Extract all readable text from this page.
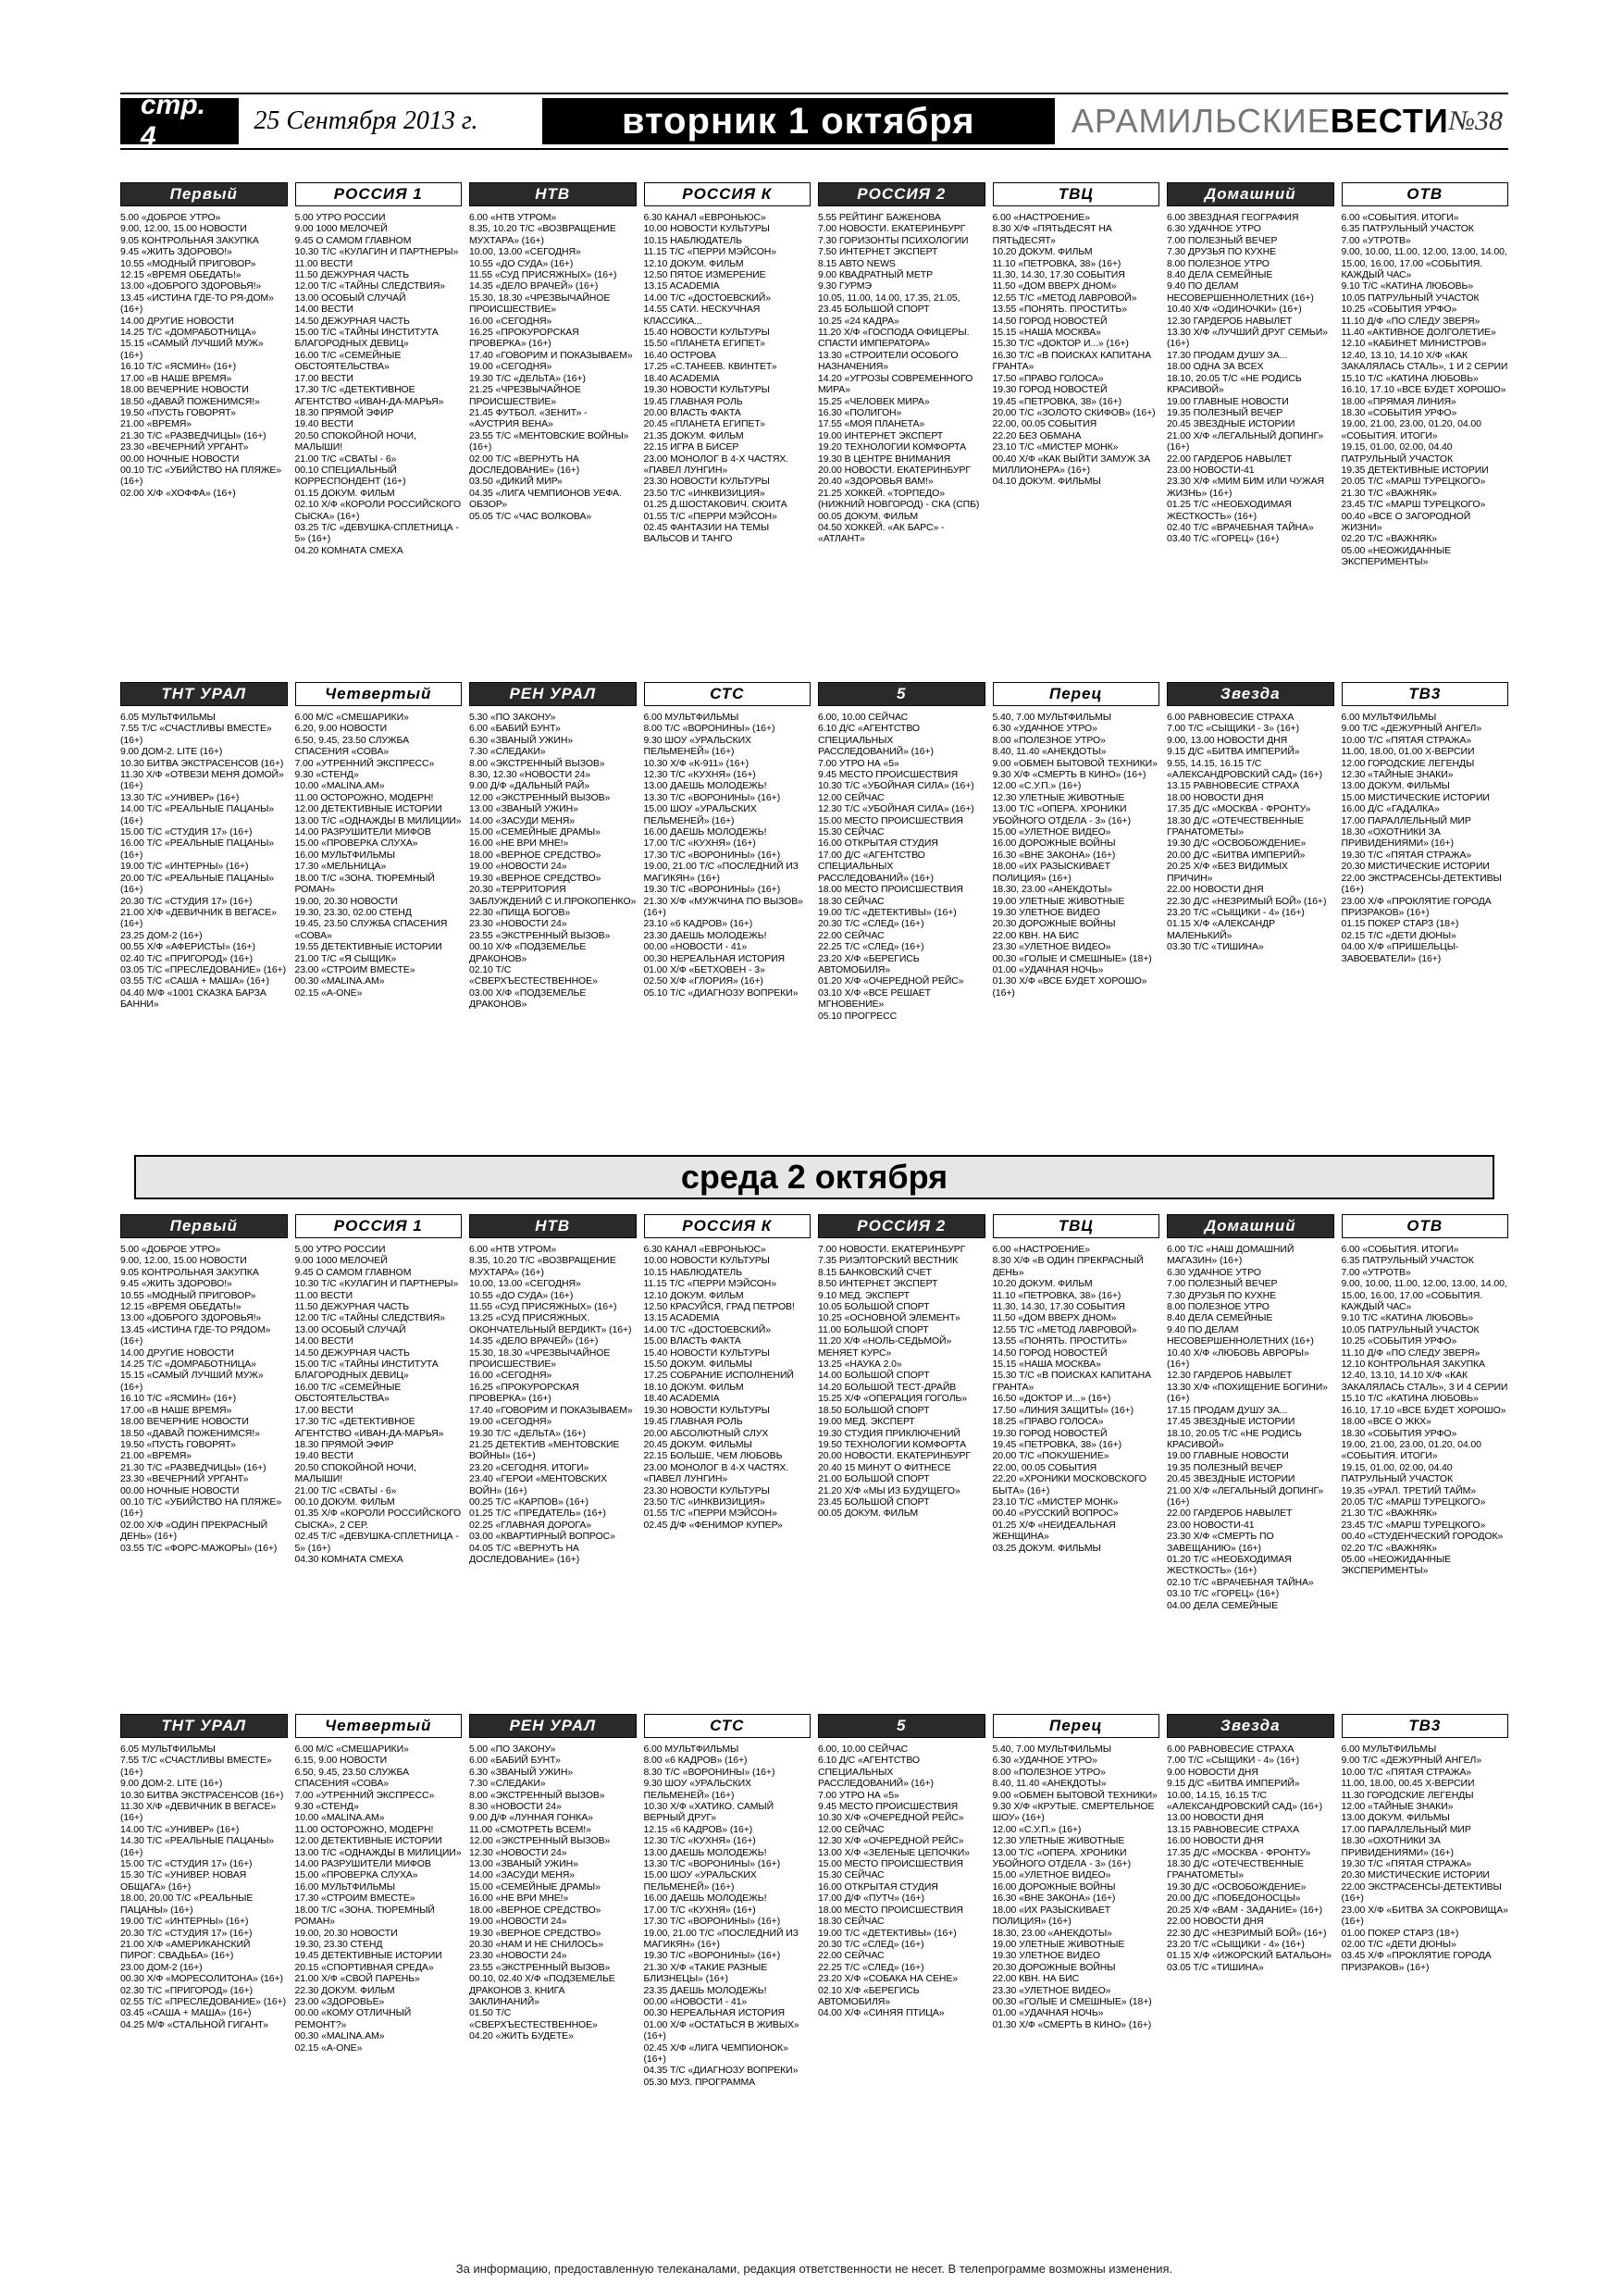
стр. 4
25 Сентября 2013 г.	вторник 1 октября	АРАМИЛЬСКИЕВЕСТИ №38
Первый
5.00 «ДОБРОЕ УТРО»
9.00, 12.00, 15.00 НОВОСТИ
9.05 КОНТРОЛЬНАЯ ЗАКУПКА
9.45 «ЖИТЬ ЗДОРОВО!»
10.55 «МОДНЫЙ ПРИГОВОР»
12.15 «ВРЕМЯ ОБЕДАТЬ!»
13.00 «ДОБРОГО ЗДОРОВЬЯ!»
13.45 «ИСТИНА ГДЕ-ТО РЯ-ДОМ» (16+)
14.00 ДРУГИЕ НОВОСТИ
14.25 Т/С «ДОМРАБОТНИЦА»
15.15 «САМЫЙ ЛУЧШИЙ МУЖ» (16+)
16.10 Т/С «ЯСМИН» (16+)
17.00 «В НАШЕ ВРЕМЯ»
18.00 ВЕЧЕРНИЕ НОВОСТИ
18.50 «ДАВАЙ ПОЖЕНИМСЯ!»
19.50 «ПУСТЬ ГОВОРЯТ»
21.00 «ВРЕМЯ»
21.30 Т/С «РАЗВЕДЧИЦЫ» (16+)
23.30 «ВЕЧЕРНИЙ УРГАНТ»
00.00 НОЧНЫЕ НОВОСТИ
00.10 Т/С «УБИЙСТВО НА ПЛЯЖЕ» (16+)
02.00 Х/Ф «ХОФФА» (16+)
РОССИЯ 1
5.00 УТРО РОССИИ
9.00 1000 МЕЛОЧЕЙ
9.45 О САМОМ ГЛАВНОМ
10.30 Т/С «КУЛАГИН И ПАРТНЕРЫ»
11.00 ВЕСТИ
11.50 ДЕЖУРНАЯ ЧАСТЬ
12.00 Т/С «ТАЙНЫ СЛЕДСТВИЯ»
13.00 ОСОБЫЙ СЛУЧАЙ
14.00 ВЕСТИ
14.50 ДЕЖУРНАЯ ЧАСТЬ
15.00 Т/С «ТАЙНЫ ИНСТИТУТА БЛАГОРОДНЫХ ДЕВИЦ»
16.00 Т/С «СЕМЕЙНЫЕ ОБСТОЯТЕЛЬСТВА»
17.00 ВЕСТИ
17.30 Т/С «ДЕТЕКТИВНОЕ АГЕНТСТВО «ИВАН-ДА-МАРЬЯ»
18.30 ПРЯМОЙ ЭФИР
19.40 ВЕСТИ
20.50 СПОКОЙНОЙ НОЧИ, МАЛЫШИ!
21.00 Т/С «СВАТЫ - 6»
00.10 СПЕЦИАЛЬНЫЙ КОРРЕСПОНДЕНТ (16+)
01.15 ДОКУМ. ФИЛЬМ
02.10 Х/Ф «КОРОЛИ РОССИЙСКОГО СЫСКА» (16+)
03.25 Т/С «ДЕВУШКА-СПЛЕТНИЦА - 5» (16+)
04.20 КОМНАТА СМЕХА
НТВ
6.00 «НТВ УТРОМ»
8.35, 10.20 Т/С «ВОЗВРАЩЕНИЕ МУХТАРА» (16+)
10.00, 13.00 «СЕГОДНЯ»
10.55 «ДО СУДА» (16+)
11.55 «СУД ПРИСЯЖНЫХ» (16+)
14.35 «ДЕЛО ВРАЧЕЙ» (16+)
15.30, 18.30 «ЧРЕЗВЫЧАЙНОЕ ПРОИСШЕСТВИЕ»
16.00 «СЕГОДНЯ»
16.25 «ПРОКУРОРСКАЯ ПРОВЕРКА» (16+)
17.40 «ГОВОРИМ И ПОКАЗЫВАЕМ»
19.00 «СЕГОДНЯ»
19.30 Т/С «ДЕЛЬТА» (16+)
21.25 «ЧРЕЗВЫЧАЙНОЕ ПРОИСШЕСТВИЕ»
21.45 ФУТБОЛ. «ЗЕНИТ» - «АУСТРИЯ ВЕНА»
23.55 Т/С «МЕНТОВСКИЕ ВОЙНЫ» (16+)
02.00 Т/С «ВЕРНУТЬ НА ДОСЛЕДОВАНИЕ» (16+)
03.50 «ДИКИЙ МИР»
04.35 «ЛИГА ЧЕМПИОНОВ УЕФА. ОБЗОР»
05.05 Т/С «ЧАС ВОЛКОВА»
РОССИЯ К
6.30 КАНАЛ «ЕВРОНЬЮС»
10.00 НОВОСТИ КУЛЬТУРЫ
10.15 НАБЛЮДАТЕЛЬ
11.15 Т/С «ПЕРРИ МЭЙСОН»
12.10 ДОКУМ. ФИЛЬМ
12.50 ПЯТОЕ ИЗМЕРЕНИЕ
13.15 ACADEMIA
14.00 Т/С «ДОСТОЕВСКИЙ»
14.55 СAТИ. НЕСКУЧНАЯ КЛАССИКА...
15.40 НОВОСТИ КУЛЬТУРЫ
15.50 «ПЛАНЕТА ЕГИПЕТ»
16.40 ОСТРОВА
17.25 «С.ТАНЕЕВ. КВИНТЕТ»
18.40 ACADEMIA
19.30 НОВОСТИ КУЛЬТУРЫ
19.45 ГЛАВНАЯ РОЛЬ
20.00 ВЛАСТЬ ФАКТА
20.45 «ПЛАНЕТА ЕГИПЕТ»
21.35 ДОКУМ. ФИЛЬМ
22.15 ИГРА В БИСЕР
23.00 МОНОЛОГ В 4-Х ЧАСТЯХ. «ПАВЕЛ ЛУНГИН»
23.30 НОВОСТИ КУЛЬТУРЫ
23.50 Т/С «ИНКВИЗИЦИЯ»
01.25 Д.ШОСТАКОВИЧ. СЮИТА
01.55 Т/С «ПЕРРИ МЭЙСОН»
02.45 ФАНТАЗИИ НА ТЕМЫ ВАЛЬСОВ И ТАНГО
РОССИЯ 2
5.55 РЕЙТИНГ БАЖЕНОВА
7.00 НОВОСТИ. ЕКАТЕРИНБУРГ
7.30 ГОРИЗОНТЫ ПСИХОЛОГИИ
7.50 ИНТЕРНЕТ ЭКСПЕРТ
8.15 АВТО NEWS
9.00 КВАДРАТНЫЙ МЕТР
9.30 ГУРМЭ
10.05, 11.00, 14.00, 17.35, 21.05, 23.45 БОЛЬШОЙ СПОРТ
10.25 «24 КАДРА»
11.20 Х/Ф «ГОСПОДА ОФИЦЕРЫ. СПАСТИ ИМПЕРАТОРА»
13.30 «СТРОИТЕЛИ ОСОБОГО НАЗНАЧЕНИЯ»
14.20 «УГРОЗЫ СОВРЕМЕННОГО МИРА»
15.25 «ЧЕЛОВЕК МИРА»
16.30 «ПОЛИГОН»
17.55 «МОЯ ПЛАНЕТА»
19.00 ИНТЕРНЕТ ЭКСПЕРТ
19.20 ТЕХНОЛОГИИ КОМФОРТА
19.30 В ЦЕНТРЕ ВНИМАНИЯ
20.00 НОВОСТИ. ЕКАТЕРИНБУРГ
20.40 «ЗДОРОВЬЯ ВАМ!»
21.25 ХОККЕЙ. «ТОРПЕДО» (НИЖНИЙ НОВГОРОД) - СКА (СПБ)
00.05 ДОКУМ. ФИЛЬМ
04.50 ХОККЕЙ. «АК БАРС» - «АТЛАНТ»
ТВЦ
6.00 «НАСТРОЕНИЕ»
8.30 Х/Ф «ПЯТЬДЕСЯТ НА ПЯТЬДЕСЯТ»
10.20 ДОКУМ. ФИЛЬМ
11.10 «ПЕТРОВКА, 38» (16+)
11.30, 14.30, 17.30 СОБЫТИЯ
11.50 «ДОМ ВВЕРХ ДНОМ»
12.55 Т/С «МЕТОД ЛАВРОВОЙ»
13.55 «ПОНЯТЬ. ПРОСТИТЬ»
14.50 ГОРОД НОВОСТЕЙ
15.15 «НАША МОСКВА»
15.30 Т/С «ДОКТОР И...» (16+)
16.30 Т/С «В ПОИСКАХ КАПИТАНА ГРАНТА»
17.50 «ПРАВО ГОЛОСА»
19.30 ГОРОД НОВОСТЕЙ
19.45 «ПЕТРОВКА, 38» (16+)
20.00 Т/С «ЗОЛОТО СКИФОВ» (16+)
22.00, 00.05 СОБЫТИЯ
22.20 БЕЗ ОБМАНА
23.10 Т/С «МИСТЕР МОНК»
00.40 Х/Ф «КАК ВЫЙТИ ЗАМУЖ ЗА МИЛЛИОНЕРА» (16+)
04.10 ДОКУМ. ФИЛЬМЫ
Домашний
6.00 ЗВЕЗДНАЯ ГЕОГРАФИЯ
6.30 УДАЧНОЕ УТРО
7.00 ПОЛЕЗНЫЙ ВЕЧЕР
7.30 ДРУЗЬЯ ПО КУХНЕ
8.00 ПОЛЕЗНОЕ УТРО
8.40 ДЕЛА СЕМЕЙНЫЕ
9.40 ПО ДЕЛАМ НЕСОВЕРШЕННОЛЕТНИХ (16+)
10.40 Х/Ф «ОДИНОЧКИ» (16+)
12.30 ГАРДЕРОБ НАВЫЛЕТ
13.30 Х/Ф «ЛУЧШИЙ ДРУГ СЕМЬИ» (16+)
17.30 ПРОДАМ ДУШУ ЗА...
18.00 ОДНА ЗА ВСЕХ
18.10, 20.05 Т/С «НЕ РОДИСЬ КРАСИВОЙ»
19.00 ГЛАВНЫЕ НОВОСТИ
19.35 ПОЛЕЗНЫЙ ВЕЧЕР
20.45 ЗВЕЗДНЫЕ ИСТОРИИ
21.00 Х/Ф «ЛЕГАЛЬНЫЙ ДОПИНГ» (16+)
22.00 ГАРДЕРОБ НАВЫЛЕТ
23.00 НОВОСТИ-41
23.30 Х/Ф «МИМ БИМ ИЛИ ЧУЖАЯ ЖИЗНЬ» (16+)
01.25 Т/С «НЕОБХОДИМАЯ ЖЕСТКОСТЬ» (16+)
02.40 Т/С «ВРАЧЕБНАЯ ТАЙНА»
03.40 Т/С «ГОРЕЦ» (16+)
ОТВ
6.00 «СОБЫТИЯ. ИТОГИ»
6.35 ПАТРУЛЬНЫЙ УЧАСТОК
7.00 «УТРОТВ»
9.00, 10.00, 11.00, 12.00, 13.00, 14.00, 15.00, 16.00, 17.00 «СОБЫТИЯ. КАЖДЫЙ ЧАС»
9.10 Т/С «КАТИНА ЛЮБОВЬ»
10.05 ПАТРУЛЬНЫЙ УЧАСТОК
10.25 «СОБЫТИЯ УРФО»
11.10 Д/Ф «ПО СЛЕДУ ЗВЕРЯ»
11.40 «АКТИВНОЕ ДОЛГОЛЕТИЕ»
12.10 «КАБИНЕТ МИНИСТРОВ»
12.40, 13.10, 14.10 Х/Ф «КАК ЗАКАЛЯЛАСЬ СТАЛЬ», 1 И 2 СЕРИИ
15.10 Т/С «КАТИНА ЛЮБОВЬ»
16.10, 17.10 «ВСЕ БУДЕТ ХОРОШО»
18.00 «ПРЯМАЯ ЛИНИЯ»
18.30 «СОБЫТИЯ УРФО»
19.00, 21.00, 23.00, 01.20, 04.00 «СОБЫТИЯ. ИТОГИ»
19.15, 01.00, 02.00, 04.40 ПАТРУЛЬНЫЙ УЧАСТОК
19.35 ДЕТЕКТИВНЫЕ ИСТОРИИ
20.05 Т/С «МАРШ ТУРЕЦКОГО»
21.30 Т/С «ВАЖНЯК»
23.45 Т/С «МАРШ ТУРЕЦКОГО»
00.40 «ВСЕ О ЗАГОРОДНОЙ ЖИЗНИ»
02.20 Т/С «ВАЖНЯК»
05.00 «НЕОЖИДАННЫЕ ЭКСПЕРИМЕНТЫ»
ТНТ УРАЛ
6.05 МУЛЬТФИЛЬМЫ
7.55 Т/С «СЧАСТЛИВЫ ВМЕСТЕ» (16+)
9.00 ДОМ-2. LITE (16+)
10.30 БИТВА ЭКСТРАСЕНСОВ (16+)
11.30 Х/Ф «ОТВЕЗИ МЕНЯ ДОМОЙ» (16+)
13.30 Т/С «УНИВЕР» (16+)
14.00 Т/С «РЕАЛЬНЫЕ ПАЦАНЫ» (16+)
15.00 Т/С «СТУДИЯ 17» (16+)
16.00 Т/С «РЕАЛЬНЫЕ ПАЦАНЫ» (16+)
19.00 Т/С «ИНТЕРНЫ» (16+)
20.00 Т/С «РЕАЛЬНЫЕ ПАЦАНЫ» (16+)
20.30 Т/С «СТУДИЯ 17» (16+)
21.00 Х/Ф «ДЕВИЧНИК В ВЕГАСЕ» (16+)
23.25 ДОМ-2 (16+)
00.55 Х/Ф «АФЕРИСТЫ» (16+)
02.40 Т/С «ПРИГОРОД» (16+)
03.05 Т/С «ПРЕСЛЕДОВАНИЕ» (16+)
03.55 Т/С «САША + МАША» (16+)
04.40 М/Ф «1001 СКАЗКА БАРЗА БАННИ»
Четвертый
6.00 М/С «СМЕШАРИКИ»
6.20, 9.00 НОВОСТИ
6.50, 9.45, 23.50 СЛУЖБА СПАСЕНИЯ «СОВА»
7.00 «УТРЕННИЙ ЭКСПРЕСС»
9.30 «СТЕНД»
10.00 «MALINA.AM»
11.00 ОСТОРОЖНО, МОДЕРН!
12.00 ДЕТЕКТИВНЫЕ ИСТОРИИ
13.00 Т/С «ОДНАЖДЫ В МИЛИЦИИ»
14.00 РАЗРУШИТЕЛИ МИФОВ
15.00 «ПРОВЕРКА СЛУХА»
16.00 МУЛЬТФИЛЬМЫ
17.30 «МЕЛЬНИЦА»
18.00 Т/С «ЗОНА. ТЮРЕМНЫЙ РОМАН»
19.00, 20.30 НОВОСТИ
19.30, 23.30, 02.00 СТЕНД
19.45, 23.50 СЛУЖБА СПАСЕНИЯ «СОВА»
19.55 ДЕТЕКТИВНЫЕ ИСТОРИИ
21.00 Т/С «Я СЫЩИК»
23.00 «СТРОИМ ВМЕСТЕ»
00.30 «MALINA.AM»
02.15 «А-ONE»
РЕН УРАЛ
5.30 «ПО ЗАКОНУ»
6.00 «БАБИЙ БУНТ»
6.30 «ЗВАНЫЙ УЖИН»
7.30 «СЛЕДАКИ»
8.00 «ЭКСТРЕННЫЙ ВЫЗОВ»
8.30, 12.30 «НОВОСТИ 24»
9.00 Д/Ф «ДАЛЬНЫЙ РАЙ»
12.00 «ЭКСТРЕННЫЙ ВЫЗОВ»
13.00 «ЗВАНЫЙ УЖИН»
14.00 «ЗАСУДИ МЕНЯ»
15.00 «СЕМЕЙНЫЕ ДРАМЫ»
16.00 «НЕ ВРИ МНЕ!»
18.00 «ВЕРНОЕ СРЕДСТВО»
19.00 «НОВОСТИ 24»
19.30 «ВЕРНОЕ СРЕДСТВО»
20.30 «ТЕРРИТОРИЯ ЗАБЛУЖДЕНИЙ С И.ПРОКОПЕНКО»
22.30 «ПИЩА БОГОВ»
23.30 «НОВОСТИ 24»
23.55 «ЭКСТРЕННЫЙ ВЫЗОВ»
00.10 Х/Ф «ПОДЗЕМЕЛЬЕ ДРАКОНОВ»
02.10 Т/С «СВЕРХЪЕСТЕСТВЕННОЕ»
03.00 Х/Ф «ПОДЗЕМЕЛЬЕ ДРАКОНОВ»
СТС
6.00 МУЛЬТФИЛЬМЫ
8.00 Т/С «ВОРОНИНЫ» (16+)
9.30 ШОУ «УРАЛЬСКИХ ПЕЛЬМЕНЕЙ» (16+)
10.30 Х/Ф «К-911» (16+)
12.30 Т/С «КУХНЯ» (16+)
13.00 ДАЕШЬ МОЛОДЕЖЬ!
13.30 Т/С «ВОРОНИНЫ» (16+)
15.00 ШОУ «УРАЛЬСКИХ ПЕЛЬМЕНЕЙ» (16+)
16.00 ДАЕШЬ МОЛОДЕЖЬ!
17.00 Т/С «КУХНЯ» (16+)
17.30 Т/С «ВОРОНИНЫ» (16+)
19.00, 21.00 Т/С «ПОСЛЕДНИЙ ИЗ МАГИКЯН» (16+)
19.30 Т/С «ВОРОНИНЫ» (16+)
21.30 Х/Ф «МУЖЧИНА ПО ВЫЗОВ» (16+)
23.10 «6 КАДРОВ» (16+)
23.30 ДАЕШЬ МОЛОДЕЖЬ!
00.00 «НОВОСТИ - 41»
00.30 НЕРЕАЛЬНАЯ ИСТОРИЯ
01.00 Х/Ф «БЕТХОВЕН - 3»
02.50 Х/Ф «ГЛОРИЯ» (16+)
05.10 Т/С «ДИАГНОЗУ ВОПРЕКИ»
5
6.00, 10.00 СЕЙЧАС
6.10 Д/С «АГЕНТСТВО СПЕЦИАЛЬНЫХ РАССЛЕДОВАНИЙ» (16+)
7.00 УТРО НА «5»
9.45 МЕСТО ПРОИСШЕСТВИЯ
10.30 Т/С «УБОЙНАЯ СИЛА» (16+)
12.00 СЕЙЧАС
12.30 Т/С «УБОЙНАЯ СИЛА» (16+)
15.00 МЕСТО ПРОИСШЕСТВИЯ
15.30 СЕЙЧАС
16.00 ОТКРЫТАЯ СТУДИЯ
17.00 Д/С «АГЕНТСТВО СПЕЦИАЛЬНЫХ РАССЛЕДОВАНИЙ» (16+)
18.00 МЕСТО ПРОИСШЕСТВИЯ
18.30 СЕЙЧАС
19.00 Т/С «ДЕТЕКТИВЫ» (16+)
20.30 Т/С «СЛЕД» (16+)
22.00 СЕЙЧАС
22.25 Т/С «СЛЕД» (16+)
23.20 Х/Ф «БЕРЕГИСЬ АВТОМОБИЛЯ»
01.20 Х/Ф «ОЧЕРЕДНОЙ РЕЙС»
03.10 Х/Ф «ВСЕ РЕШАЕТ МГНОВЕНИЕ»
05.10 ПРОГРЕСС
Перец
5.40, 7.00 МУЛЬТФИЛЬМЫ
6.30 «УДАЧНОЕ УТРО»
8.00 «ПОЛЕЗНОЕ УТРО»
8.40, 11.40 «АНЕКДОТЫ»
9.00 «ОБМЕН БЫТОВОЙ ТЕХНИКИ»
9.30 Х/Ф «СМЕРТЬ В КИНО» (16+)
12.00 «С.У.П.» (16+)
12.30 УЛЕТНЫЕ ЖИВОТНЫЕ
13.00 Т/С «ОПЕРА. ХРОНИКИ УБОЙНОГО ОТДЕЛА - 3» (16+)
15.00 «УЛЕТНОЕ ВИДЕО»
16.00 ДОРОЖНЫЕ ВОЙНЫ
16.30 «ВНЕ ЗАКОНА» (16+)
18.00 «ИХ РАЗЫСКИВАЕТ ПОЛИЦИЯ» (16+)
18.30, 23.00 «АНЕКДОТЫ»
19.00 УЛЕТНЫЕ ЖИВОТНЫЕ
19.30 УЛЕТНОЕ ВИДЕО
20.30 ДОРОЖНЫЕ ВОЙНЫ
22.00 КВН. НА БИС
23.30 «УЛЕТНОЕ ВИДЕО»
00.30 «ГОЛЫЕ И СМЕШНЫЕ» (18+)
01.00 «УДАЧНАЯ НОЧЬ»
01.30 Х/Ф «ВСЕ БУДЕТ ХОРОШО» (16+)
Звезда
6.00 РАВНОВЕСИЕ СТРАХА
7.00 Т/С «СЫЩИКИ - 3» (16+)
9.00, 13.00 НОВОСТИ ДНЯ
9.15 Д/С «БИТВА ИМПЕРИЙ»
9.55, 14.15, 16.15 Т/С «АЛЕКСАНДРОВСКИЙ САД» (16+)
13.15 РАВНОВЕСИЕ СТРАХА
18.00 НОВОСТИ ДНЯ
17.35 Д/С «МОСКВА - ФРОНТУ»
18.30 Д/С «ОТЕЧЕСТВЕННЫЕ ГРАНАТОМЕТЫ»
19.30 Д/С «ОСВОБОЖДЕНИЕ»
20.00 Д/С «БИТВА ИМПЕРИЙ»
20.25 Х/Ф «БЕЗ ВИДИМЫХ ПРИЧИН»
22.00 НОВОСТИ ДНЯ
22.30 Д/С «НЕЗРИМЫЙ БОЙ» (16+)
23.20 Т/С «СЫЩИКИ - 4» (16+)
01.15 Х/Ф «АЛЕКСАНДР МАЛЕНЬКИЙ»
03.30 Т/С «ТИШИНА»
ТВ3
6.00 МУЛЬТФИЛЬМЫ
9.00 Т/С «ДЕЖУРНЫЙ АНГЕЛ»
10.00 Т/С «ПЯТАЯ СТРАЖА»
11.00, 18.00, 01.00 Х-ВЕРСИИ
12.00 ГОРОДСКИЕ ЛЕГЕНДЫ
12.30 «ТАЙНЫЕ ЗНАКИ»
13.00 ДОКУМ. ФИЛЬМЫ
15.00 МИСТИЧЕСКИЕ ИСТОРИИ
16.00 Д/С «ГАДАЛКА»
17.00 ПАРАЛЛЕЛЬНЫЙ МИР
18.30 «ОХОТНИКИ ЗА ПРИВИДЕНИЯМИ» (16+)
19.30 Т/С «ПЯТАЯ СТРАЖА»
20.30 МИСТИЧЕСКИЕ ИСТОРИИ
22.00 ЭКСТРАСЕНСЫ-ДЕТЕКТИВЫ (16+)
23.00 Х/Ф «ПРОКЛЯТИЕ ГОРОДА ПРИЗРАКОВ» (16+)
01.15 ПОКЕР СТАРЗ (18+)
02.15 Т/С «ДЕТИ ДЮНЫ»
04.00 Х/Ф «ПРИШЕЛЬЦЫ-ЗАВОЕВАТЕЛИ» (16+)
среда 2 октября
Первый
5.00 «ДОБРОЕ УТРО»
9.00, 12.00, 15.00 НОВОСТИ
9.05 КОНТРОЛЬНАЯ ЗАКУПКА
9.45 «ЖИТЬ ЗДОРОВО!»
10.55 «МОДНЫЙ ПРИГОВОР»
12.15 «ВРЕМЯ ОБЕДАТЬ!»
13.00 «ДОБРОГО ЗДОРОВЬЯ!»
13.45 «ИСТИНА ГДЕ-ТО РЯДОМ» (16+)
14.00 ДРУГИЕ НОВОСТИ
14.25 Т/С «ДОМРАБОТНИЦА»
15.15 «САМЫЙ ЛУЧШИЙ МУЖ» (16+)
16.10 Т/С «ЯСМИН» (16+)
17.00 «В НАШЕ ВРЕМЯ»
18.00 ВЕЧЕРНИЕ НОВОСТИ
18.50 «ДАВАЙ ПОЖЕНИМСЯ!»
19.50 «ПУСТЬ ГОВОРЯТ»
21.00 «ВРЕМЯ»
21.30 Т/С «РАЗВЕДЧИЦЫ» (16+)
23.30 «ВЕЧЕРНИЙ УРГАНТ»
00.00 НОЧНЫЕ НОВОСТИ
00.10 Т/С «УБИЙСТВО НА ПЛЯЖЕ» (16+)
02.00 Х/Ф «ОДИН ПРЕКРАСНЫЙ ДЕНЬ» (16+)
03.55 Т/С «ФОРС-МАЖОРЫ» (16+)
РОССИЯ 1
5.00 УТРО РОССИИ
9.00 1000 МЕЛОЧЕЙ
9.45 О САМОМ ГЛАВНОМ
10.30 Т/С «КУЛАГИН И ПАРТНЕРЫ»
11.00 ВЕСТИ
11.50 ДЕЖУРНАЯ ЧАСТЬ
12.00 Т/С «ТАЙНЫ СЛЕДСТВИЯ»
13.00 ОСОБЫЙ СЛУЧАЙ
14.00 ВЕСТИ
14.50 ДЕЖУРНАЯ ЧАСТЬ
15.00 Т/С «ТАЙНЫ ИНСТИТУТА БЛАГОРОДНЫХ ДЕВИЦ»
16.00 Т/С «СЕМЕЙНЫЕ ОБСТОЯТЕЛЬСТВА»
17.00 ВЕСТИ
17.30 Т/С «ДЕТЕКТИВНОЕ АГЕНТСТВО «ИВАН-ДА-МАРЬЯ»
18.30 ПРЯМОЙ ЭФИР
19.40 ВЕСТИ
20.50 СПОКОЙНОЙ НОЧИ, МАЛЫШИ!
21.00 Т/С «СВАТЫ - 6»
00.10 ДОКУМ. ФИЛЬМ
01.35 Х/Ф «КОРОЛИ РОССИЙСКОГО СЫСКА», 2 СЕР.
02.45 Т/С «ДЕВУШКА-СПЛЕТНИЦА - 5» (16+)
04.30 КОМНАТА СМЕХА
НТВ
6.00 «НТВ УТРОМ»
8.35, 10.20 Т/С «ВОЗВРАЩЕНИЕ МУХТАРА» (16+)
10.00, 13.00 «СЕГОДНЯ»
10.55 «ДО СУДА» (16+)
11.55 «СУД ПРИСЯЖНЫХ» (16+)
13.25 «СУД ПРИСЯЖНЫХ. ОКОНЧАТЕЛЬНЫЙ ВЕРДИКТ» (16+)
14.35 «ДЕЛО ВРАЧЕЙ» (16+)
15.30, 18.30 «ЧРЕЗВЫЧАЙНОЕ ПРОИСШЕСТВИЕ»
16.00 «СЕГОДНЯ»
16.25 «ПРОКУРОРСКАЯ ПРОВЕРКА» (16+)
17.40 «ГОВОРИМ И ПОКАЗЫВАЕМ»
19.00 «СЕГОДНЯ»
19.30 Т/С «ДЕЛЬТА» (16+)
21.25 ДЕТЕКТИВ «МЕНТОВСКИЕ ВОЙНЫ» (16+)
23.20 «СЕГОДНЯ. ИТОГИ»
23.40 «ГЕРОИ «МЕНТОВСКИХ ВОЙН» (16+)
00.25 Т/С «КАРПОВ» (16+)
01.25 Т/С «ПРЕДАТЕЛЬ» (16+)
02.25 «ГЛАВНАЯ ДОРОГА»
03.00 «КВАРТИРНЫЙ ВОПРОС»
04.05 Т/С «ВЕРНУТЬ НА ДОСЛЕДОВАНИЕ» (16+)
РОССИЯ К
6.30 КАНАЛ «ЕВРОНЬЮС»
10.00 НОВОСТИ КУЛЬТУРЫ
10.15 НАБЛЮДАТЕЛЬ
11.15 Т/С «ПЕРРИ МЭЙСОН»
12.10 ДОКУМ. ФИЛЬМ
12.50 КРАСУЙСЯ, ГРАД ПЕТРОВ!
13.15 ACADEMIA
14.00 Т/С «ДОСТОЕВСКИЙ»
15.00 ВЛАСТЬ ФАКТА
15.40 НОВОСТИ КУЛЬТУРЫ
15.50 ДОКУМ. ФИЛЬМЫ
17.25 СОБРАНИЕ ИСПОЛНЕНИЙ
18.10 ДОКУМ. ФИЛЬМ
18.40 ACADEMIA
19.30 НОВОСТИ КУЛЬТУРЫ
19.45 ГЛАВНАЯ РОЛЬ
20.00 АБСОЛЮТНЫЙ СЛУХ
20.45 ДОКУМ. ФИЛЬМЫ
22.15 БОЛЬШЕ, ЧЕМ ЛЮБОВЬ
23.00 МОНОЛОГ В 4-Х ЧАСТЯХ. «ПАВЕЛ ЛУНГИН»
23.30 НОВОСТИ КУЛЬТУРЫ
23.50 Т/С «ИНКВИЗИЦИЯ»
01.55 Т/С «ПЕРРИ МЭЙСОН»
02.45 Д/Ф «ФЕНИМОР КУПЕР»
РОССИЯ 2
7.00 НОВОСТИ. ЕКАТЕРИНБУРГ
7.35 РИЭЛТОРСКИЙ ВЕСТНИК
8.15 БАНКОВСКИЙ СЧЕТ
8.50 ИНТЕРНЕТ ЭКСПЕРТ
9.10 МЕД. ЭКСПЕРТ
10.05 БОЛЬШОЙ СПОРТ
10.25 «ОСНОВНОЙ ЭЛЕМЕНТ»
11.00 БОЛЬШОЙ СПОРТ
11.20 Х/Ф «НОЛЬ-СЕДЬМОЙ» МЕНЯЕТ КУРС»
13.25 «НАУКА 2.0»
14.00 БОЛЬШОЙ СПОРТ
14.20 БОЛЬШОЙ ТЕСТ-ДРАЙВ
15.25 Х/Ф «ОПЕРАЦИЯ ГОГОЛЬ»
18.50 БОЛЬШОЙ СПОРТ
19.00 МЕД. ЭКСПЕРТ
19.30 СТУДИЯ ПРИКЛЮЧЕНИЙ
19.50 ТЕХНОЛОГИИ КОМФОРТА
20.00 НОВОСТИ. ЕКАТЕРИНБУРГ
20.40 15 МИНУТ О ФИТНЕСЕ
21.00 БОЛЬШОЙ СПОРТ
21.20 Х/Ф «МЫ ИЗ БУДУЩЕГО»
23.45 БОЛЬШОЙ СПОРТ
00.05 ДОКУМ. ФИЛЬМ
ТВЦ
6.00 «НАСТРОЕНИЕ»
8.30 Х/Ф «В ОДИН ПРЕКРАСНЫЙ ДЕНЬ»
10.20 ДОКУМ. ФИЛЬМ
11.10 «ПЕТРОВКА, 38» (16+)
11.30, 14.30, 17.30 СОБЫТИЯ
11.50 «ДОМ ВВЕРХ ДНОМ»
12.55 Т/С «МЕТОД ЛАВРОВОЙ»
13.55 «ПОНЯТЬ. ПРОСТИТЬ»
14.50 ГОРОД НОВОСТЕЙ
15.15 «НАША МОСКВА»
15.30 Т/С «В ПОИСКАХ КАПИТАНА ГРАНТА»
16.50 «ДОКТОР И...» (16+)
17.50 «ЛИНИЯ ЗАЩИТЫ» (16+)
18.25 «ПРАВО ГОЛОСА»
19.30 ГОРОД НОВОСТЕЙ
19.45 «ПЕТРОВКА, 38» (16+)
20.00 Т/С «ПОКУШЕНИЕ»
22.00, 00.05 СОБЫТИЯ
22.20 «ХРОНИКИ МОСКОВСКОГО БЫТА» (16+)
23.10 Т/С «МИСТЕР МОНК»
00.40 «РУССКИЙ ВОПРОС»
01.25 Х/Ф «НЕИДЕАЛЬНАЯ ЖЕНЩИНА»
03.25 ДОКУМ. ФИЛЬМЫ
Домашний
6.00 Т/С «НАШ ДОМАШНИЙ МАГАЗИН» (16+)
6.30 УДАЧНОЕ УТРО
7.00 ПОЛЕЗНЫЙ ВЕЧЕР
7.30 ДРУЗЬЯ ПО КУХНЕ
8.00 ПОЛЕЗНОЕ УТРО
8.40 ДЕЛА СЕМЕЙНЫЕ
9.40 ПО ДЕЛАМ НЕСОВЕРШЕННОЛЕТНИХ (16+)
10.40 Х/Ф «ЛЮБОВЬ АВРОРЫ» (16+)
12.30 ГАРДЕРОБ НАВЫЛЕТ
13.30 Х/Ф «ПОХИЩЕНИЕ БОГИНИ» (16+)
17.15 ПРОДАМ ДУШУ ЗА...
17.45 ЗВЕЗДНЫЕ ИСТОРИИ
18.10, 20.05 Т/С «НЕ РОДИСЬ КРАСИВОЙ»
19.00 ГЛАВНЫЕ НОВОСТИ
19.35 ПОЛЕЗНЫЙ ВЕЧЕР
20.45 ЗВЕЗДНЫЕ ИСТОРИИ
21.00 Х/Ф «ЛЕГАЛЬНЫЙ ДОПИНГ» (16+)
22.00 ГАРДЕРОБ НАВЫЛЕТ
23.00 НОВОСТИ-41
23.30 Х/Ф «СМЕРТЬ ПО ЗАВЕЩАНИЮ» (16+)
01.20 Т/С «НЕОБХОДИМАЯ ЖЕСТКОСТЬ» (16+)
02.10 Т/С «ВРАЧЕБНАЯ ТАЙНА»
03.10 Т/С «ГОРЕЦ» (16+)
04.00 ДЕЛА СЕМЕЙНЫЕ
ОТВ
6.00 «СОБЫТИЯ. ИТОГИ»
6.35 ПАТРУЛЬНЫЙ УЧАСТОК
7.00 «УТРОТВ»
9.00, 10.00, 11.00, 12.00, 13.00, 14.00, 15.00, 16.00, 17.00 «СОБЫТИЯ. КАЖДЫЙ ЧАС»
9.10 Т/С «КАТИНА ЛЮБОВЬ»
10.05 ПАТРУЛЬНЫЙ УЧАСТОК
10.25 «СОБЫТИЯ УРФО»
11.10 Д/Ф «ПО СЛЕДУ ЗВЕРЯ»
12.10 КОНТРОЛЬНАЯ ЗАКУПКА
12.40, 13.10, 14.10 Х/Ф «КАК ЗАКАЛЯЛАСЬ СТАЛЬ», 3 И 4 СЕРИИ
15.10 Т/С «КАТИНА ЛЮБОВЬ»
16.10, 17.10 «ВСЕ БУДЕТ ХОРОШО»
18.00 «ВСЕ О ЖКХ»
18.30 «СОБЫТИЯ УРФО»
19.00, 21.00, 23.00, 01.20, 04.00 «СОБЫТИЯ. ИТОГИ»
19.15, 01.00, 02.00, 04.40 ПАТРУЛЬНЫЙ УЧАСТОК
19.35 «УРАЛ. ТРЕТИЙ ТАЙМ»
20.05 Т/С «МАРШ ТУРЕЦКОГО»
21.30 Т/С «ВАЖНЯК»
23.45 Т/С «МАРШ ТУРЕЦКОГО»
00.40 «СТУДЕНЧЕСКИЙ ГОРОДОК»
02.20 Т/С «ВАЖНЯК»
05.00 «НЕОЖИДАННЫЕ ЭКСПЕРИМЕНТЫ»
ТНТ УРАЛ
6.05 МУЛЬТФИЛЬМЫ
7.55 Т/С «СЧАСТЛИВЫ ВМЕСТЕ» (16+)
9.00 ДОМ-2. LITE (16+)
10.30 БИТВА ЭКСТРАСЕНСОВ (16+)
11.30 Х/Ф «ДЕВИЧНИК В ВЕГАСЕ» (16+)
14.00 Т/С «УНИВЕР» (16+)
14.30 Т/С «РЕАЛЬНЫЕ ПАЦАНЫ» (16+)
15.00 Т/С «СТУДИЯ 17» (16+)
15.30 Т/С «УНИВЕР. НОВАЯ ОБЩАГА» (16+)
18.00, 20.00 Т/С «РЕАЛЬНЫЕ ПАЦАНЫ» (16+)
19.00 Т/С «ИНТЕРНЫ» (16+)
20.30 Т/С «СТУДИЯ 17» (16+)
21.00 Х/Ф «АМЕРИКАНСКИЙ ПИРОГ: СВАДЬБА» (16+)
23.00 ДОМ-2 (16+)
00.30 Х/Ф «МОРЕСОЛИТОНА» (16+)
02.30 Т/С «ПРИГОРОД» (16+)
02.55 Т/С «ПРЕСЛЕДОВАНИЕ» (16+)
03.45 «САША + МАША» (16+)
04.25 М/Ф «СТАЛЬНОЙ ГИГАНТ»
Четвертый
6.00 М/С «СМЕШАРИКИ»
6.15, 9.00 НОВОСТИ
6.50, 9.45, 23.50 СЛУЖБА СПАСЕНИЯ «СОВА»
7.00 «УТРЕННИЙ ЭКСПРЕСС»
9.30 «СТЕНД»
10.00 «MALINA.AM»
11.00 ОСТОРОЖНО, МОДЕРН!
12.00 ДЕТЕКТИВНЫЕ ИСТОРИИ
13.00 Т/С «ОДНАЖДЫ В МИЛИЦИИ»
14.00 РАЗРУШИТЕЛИ МИФОВ
15.00 «ПРОВЕРКА СЛУХА»
16.00 МУЛЬТФИЛЬМЫ
17.30 «СТРОИМ ВМЕСТЕ»
18.00 Т/С «ЗОНА. ТЮРЕМНЫЙ РОМАН»
19.00, 20.30 НОВОСТИ
19.30, 23.30 СТЕНД
19.45 ДЕТЕКТИВНЫЕ ИСТОРИИ
20.15 «СПОРТИВНАЯ СРЕДА»
21.00 Х/Ф «СВОЙ ПАРЕНЬ»
22.30 ДОКУМ. ФИЛЬМ
23.00 «ЗДОРОВЬЕ»
00.00 «КОМУ ОТЛИЧНЫЙ РЕМОНТ?»
00.30 «MALINA.AM»
02.15 «А-ONE»
РЕН УРАЛ
5.00 «ПО ЗАКОНУ»
6.00 «БАБИЙ БУНТ»
6.30 «ЗВАНЫЙ УЖИН»
7.30 «СЛЕДАКИ»
8.00 «ЭКСТРЕННЫЙ ВЫЗОВ»
8.30 «НОВОСТИ 24»
9.00 Д/Ф «ЛУННАЯ ГОНКА»
11.00 «СМОТРЕТЬ ВСЕМ!»
12.00 «ЭКСТРЕННЫЙ ВЫЗОВ»
12.30 «НОВОСТИ 24»
13.00 «ЗВАНЫЙ УЖИН»
14.00 «ЗАСУДИ МЕНЯ»
15.00 «СЕМЕЙНЫЕ ДРАМЫ»
16.00 «НЕ ВРИ МНЕ!»
18.00 «ВЕРНОЕ СРЕДСТВО»
19.00 «НОВОСТИ 24»
19.30 «ВЕРНОЕ СРЕДСТВО»
20.30 «НАМ И НЕ СНИЛОСЬ»
23.30 «НОВОСТИ 24»
23.55 «ЭКСТРЕННЫЙ ВЫЗОВ»
00.10, 02.40 Х/Ф «ПОДЗЕМЕЛЬЕ ДРАКОНОВ 3. КНИГА ЗАКЛИНАНИЙ»
01.50 Т/С «СВЕРХЪЕСТЕСТВЕННОЕ»
04.20 «ЖИТЬ БУДЕТЕ»
СТС
6.00 МУЛЬТФИЛЬМЫ
8.00 «6 КАДРОВ» (16+)
8.30 Т/С «ВОРОНИНЫ» (16+)
9.30 ШОУ «УРАЛЬСКИХ ПЕЛЬМЕНЕЙ» (16+)
10.30 Х/Ф «ХАТИКО. САМЫЙ ВЕРНЫЙ ДРУГ»
12.15 «6 КАДРОВ» (16+)
12.30 Т/С «КУХНЯ» (16+)
13.00 ДАЕШЬ МОЛОДЕЖЬ!
13.30 Т/С «ВОРОНИНЫ» (16+)
15.00 ШОУ «УРАЛЬСКИХ ПЕЛЬМЕНЕЙ» (16+)
16.00 ДАЕШЬ МОЛОДЕЖЬ!
17.00 Т/С «КУХНЯ» (16+)
17.30 Т/С «ВОРОНИНЫ» (16+)
19.00, 21.00 Т/С «ПОСЛЕДНИЙ ИЗ МАГИКЯН» (16+)
19.30 Т/С «ВОРОНИНЫ» (16+)
21.30 Х/Ф «ТАКИЕ РАЗНЫЕ БЛИЗНЕЦЫ» (16+)
23.35 ДАЕШЬ МОЛОДЕЖЬ!
00.00 «НОВОСТИ - 41»
00.30 НЕРЕАЛЬНАЯ ИСТОРИЯ
01.00 Х/Ф «ОСТАТЬСЯ В ЖИВЫХ» (16+)
02.45 Х/Ф «ЛИГА ЧЕМПИОНОК» (16+)
04.35 Т/С «ДИАГНОЗУ ВОПРЕКИ»
05.30 МУЗ. ПРОГРАММА
5
6.00, 10.00 СЕЙЧАС
6.10 Д/С «АГЕНТСТВО СПЕЦИАЛЬНЫХ РАССЛЕДОВАНИЙ» (16+)
7.00 УТРО НА «5»
9.45 МЕСТО ПРОИСШЕСТВИЯ
10.30 Х/Ф «ОЧЕРЕДНОЙ РЕЙС»
12.00 СЕЙЧАС
12.30 Х/Ф «ОЧЕРЕДНОЙ РЕЙС»
13.00 Х/Ф «ЗЕЛЕНЫЕ ЦЕПОЧКИ»
15.00 МЕСТО ПРОИСШЕСТВИЯ
15.30 СЕЙЧАС
16.00 ОТКРЫТАЯ СТУДИЯ
17.00 Д/Ф «ПУТЧ» (16+)
18.00 МЕСТО ПРОИСШЕСТВИЯ
18.30 СЕЙЧАС
19.00 Т/С «ДЕТЕКТИВЫ» (16+)
20.30 Т/С «СЛЕД» (16+)
22.00 СЕЙЧАС
22.25 Т/С «СЛЕД» (16+)
23.20 Х/Ф «СОБАКА НА СЕНЕ»
02.10 Х/Ф «БЕРЕГИСЬ АВТОМОБИЛЯ»
04.00 Х/Ф «СИНЯЯ ПТИЦА»
Перец
5.40, 7.00 МУЛЬТФИЛЬМЫ
6.30 «УДАЧНОЕ УТРО»
8.00 «ПОЛЕЗНОЕ УТРО»
8.40, 11.40 «АНЕКДОТЫ»
9.00 «ОБМЕН БЫТОВОЙ ТЕХНИКИ»
9.30 Х/Ф «КРУТЫЕ. СМЕРТЕЛЬНОЕ ШОУ» (16+)
12.00 «С.У.П.» (16+)
12.30 УЛЕТНЫЕ ЖИВОТНЫЕ
13.00 Т/С «ОПЕРА. ХРОНИКИ УБОЙНОГО ОТДЕЛА - 3» (16+)
15.00 «УЛЕТНОЕ ВИДЕО»
16.00 ДОРОЖНЫЕ ВОЙНЫ
16.30 «ВНЕ ЗАКОНА» (16+)
18.00 «ИХ РАЗЫСКИВАЕТ ПОЛИЦИЯ» (16+)
18.30, 23.00 «АНЕКДОТЫ»
19.00 УЛЕТНЫЕ ЖИВОТНЫЕ
19.30 УЛЕТНОЕ ВИДЕО
20.30 ДОРОЖНЫЕ ВОЙНЫ
22.00 КВН. НА БИС
23.30 «УЛЕТНОЕ ВИДЕО»
00.30 «ГОЛЫЕ И СМЕШНЫЕ» (18+)
01.00 «УДАЧНАЯ НОЧЬ»
01.30 Х/Ф «СМЕРТЬ В КИНО» (16+)
Звезда
6.00 РАВНОВЕСИЕ СТРАХА
7.00 Т/С «СЫЩИКИ - 4» (16+)
9.00 НОВОСТИ ДНЯ
9.15 Д/С «БИТВА ИМПЕРИЙ»
10.00, 14.15, 16.15 Т/С «АЛЕКСАНДРОВСКИЙ САД» (16+)
13.00 НОВОСТИ ДНЯ
13.15 РАВНОВЕСИЕ СТРАХА
16.00 НОВОСТИ ДНЯ
17.35 Д/С «МОСКВА - ФРОНТУ»
18.30 Д/С «ОТЕЧЕСТВЕННЫЕ ГРАНАТОМЕТЫ»
19.30 Д/С «ОСВОБОЖДЕНИЕ»
20.00 Д/С «ПОБЕДОНОСЦЫ»
20.25 Х/Ф «ВАМ - ЗАДАНИЕ» (16+)
22.00 НОВОСТИ ДНЯ
22.30 Д/С «НЕЗРИМЫЙ БОЙ» (16+)
23.20 Т/С «СЫЩИКИ - 4» (16+)
01.15 Х/Ф «ИЖОРСКИЙ БАТАЛЬОН»
03.05 Т/С «ТИШИНА»
ТВ3
6.00 МУЛЬТФИЛЬМЫ
9.00 Т/С «ДЕЖУРНЫЙ АНГЕЛ»
10.00 Т/С «ПЯТАЯ СТРАЖА»
11.00, 18.00, 00.45 Х-ВЕРСИИ
11.30 ГОРОДСКИЕ ЛЕГЕНДЫ
12.00 «ТАЙНЫЕ ЗНАКИ»
13.00 ДОКУМ. ФИЛЬМЫ
17.00 ПАРАЛЛЕЛЬНЫЙ МИР
18.30 «ОХОТНИКИ ЗА ПРИВИДЕНИЯМИ» (16+)
19.30 Т/С «ПЯТАЯ СТРАЖА»
20.30 МИСТИЧЕСКИЕ ИСТОРИИ
22.00 ЭКСТРАСЕНСЫ-ДЕТЕКТИВЫ (16+)
23.00 Х/Ф «БИТВА ЗА СОКРОВИЩА» (16+)
01.00 ПОКЕР СТАРЗ (18+)
02.00 Т/С «ДЕТИ ДЮНЫ»
03.45 Х/Ф «ПРОКЛЯТИЕ ГОРОДА ПРИЗРАКОВ» (16+)
За информацию, предоставленную телеканалами, редакция ответственности не несет. В телепрограмме возможны изменения.
